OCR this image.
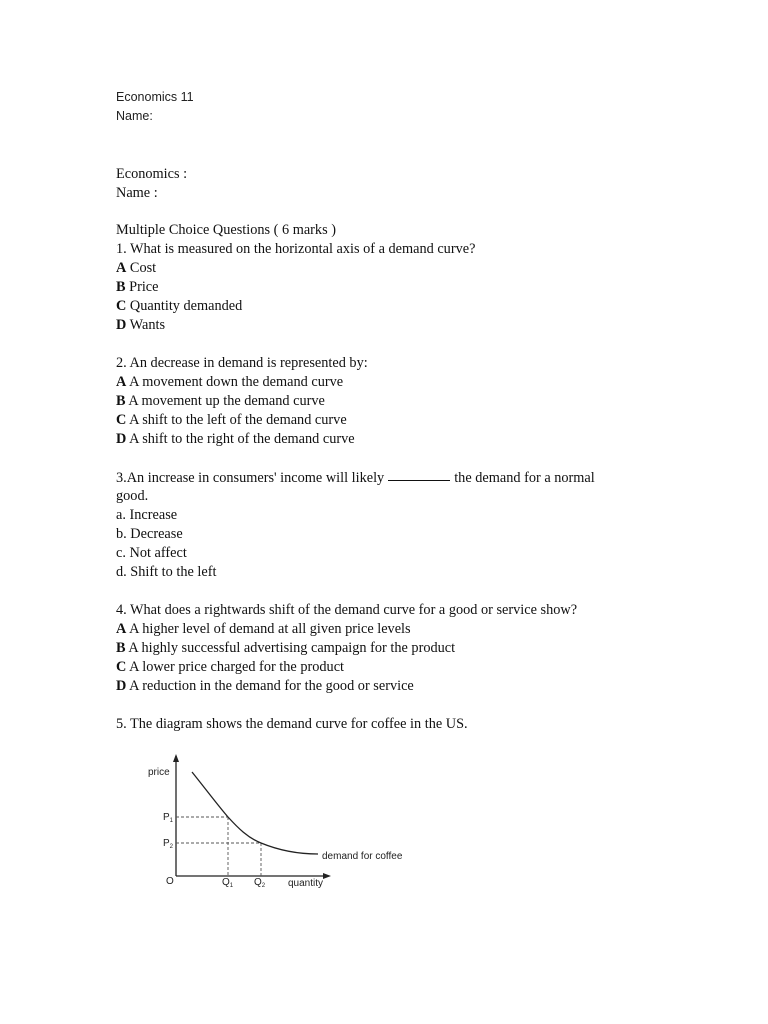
Economics 11
Name:
Economics :
Name :
Multiple Choice Questions ( 6 marks )
1. What is measured on the horizontal axis of a demand curve?
A Cost
B Price
C Quantity demanded
D Wants
2. An decrease in demand is represented by:
A A movement down the demand curve
B A movement up the demand curve
C A shift to the left of the demand curve
D A shift to the right of the demand curve
3.An increase in consumers' income will likely	the demand for a normal
good.
a. Increase
b. Decrease
c. Not affect
d. Shift to the left
4. What does a rightwards shift of the demand curve for a good or service show?
A A higher level of demand at all given price levels
B A highly successful advertising campaign for the product
C A lower price charged for the product
D A reduction in the demand for the good or service
5. The diagram shows the demand curve for coffee in the US.
price
$P_1$
$P_2$
O	$Q_1$ $Q_2$ quantity
demand for coffee
